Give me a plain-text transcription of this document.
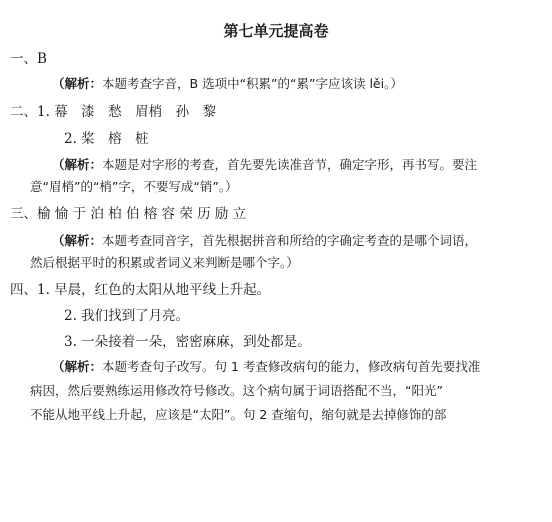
第七单元提高卷
一、B
（解析：本题考查字音，B 选项中“积累”的“累”字应该读 lěi。）
二、1. 幕　漆　愁　眉梢　孙　黎
2. 桨　榕　桩
（解析：本题是对字形的考查，首先要先读准音节，确定字形，再书写。要注
意“眉梢”的“梢”字，不要写成“销”。）
三、榆 愉 于 泊 柏 伯 榕 容 荣 历 励 立
（解析：本题考查同音字，首先根据拼音和所给的字确定考查的是哪个词语，
然后根据平时的积累或者词义来判断是哪个字。）
四、1. 早晨，红色的太阳从地平线上升起。
2. 我们找到了月亮。
3. 一朵接着一朵，密密麻麻，到处都是。
（解析：本题考查句子改写。句 1 考查修改病句的能力，修改病句首先要找准
病因，然后要熟练运用修改符号修改。这个病句属于词语搭配不当，“阳光”
不能从地平线上升起，应该是“太阳”。句 2 查缩句，缩句就是去掉修饰的部
